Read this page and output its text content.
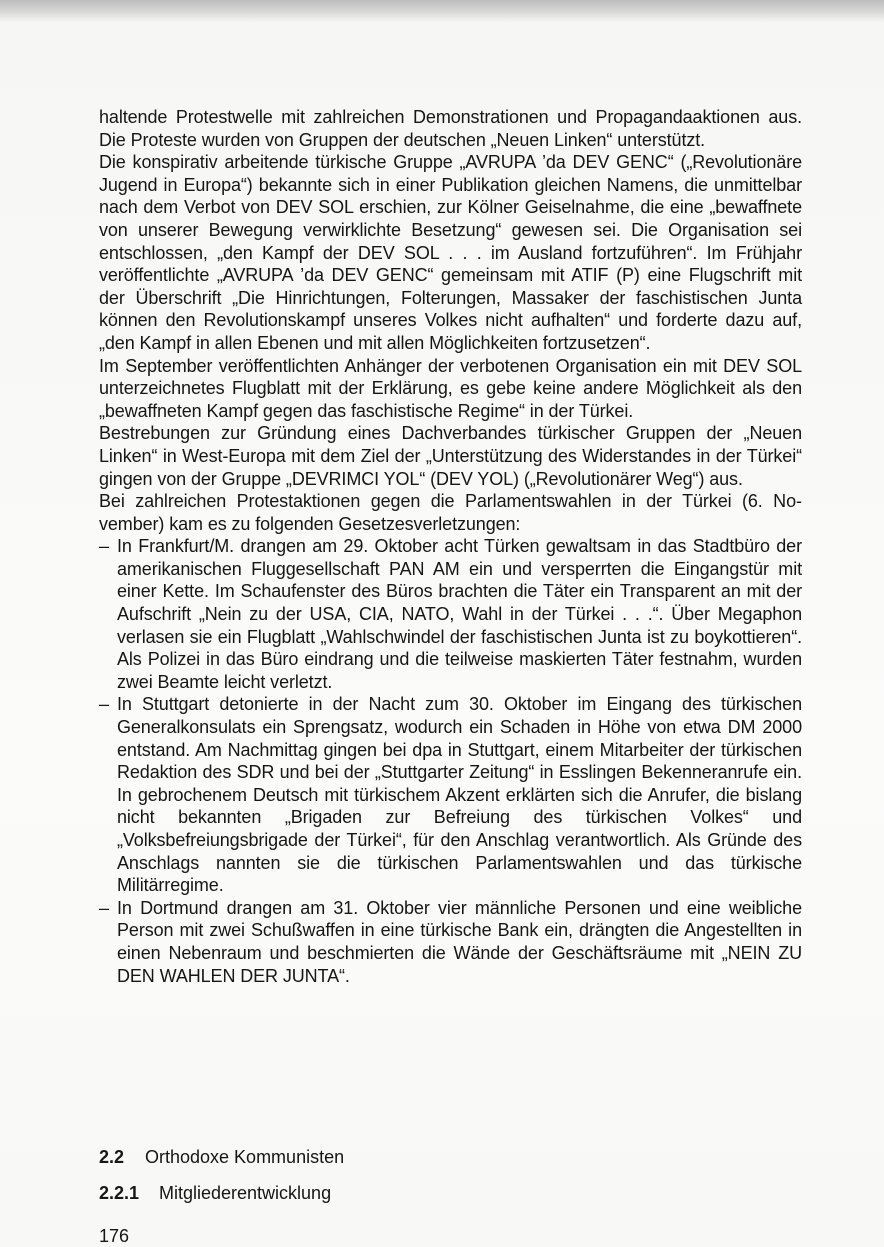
haltende Protestwelle mit zahlreichen Demonstrationen und Propagandaaktionen aus. Die Proteste wurden von Gruppen der deutschen „Neuen Linken“ unterstützt.

Die konspirativ arbeitende türkische Gruppe „AVRUPA ’da DEV GENC“ („Revolutionäre Jugend in Europa“) bekannte sich in einer Publikation gleichen Namens, die unmittelbar nach dem Verbot von DEV SOL erschien, zur Kölner Geiselnahme, die eine „bewaffnete von unserer Bewegung verwirklichte Besetzung“ gewesen sei. Die Organisation sei entschlossen, „den Kampf der DEV SOL . . . im Ausland fortzuführen“. Im Frühjahr veröffentlichte „AVRUPA ’da DEV GENC“ gemeinsam mit ATIF (P) eine Flugschrift mit der Überschrift „Die Hinrichtungen, Folterungen, Massaker der faschistischen Junta können den Revolutionskampf unseres Volkes nicht aufhalten“ und forderte dazu auf, „den Kampf in allen Ebenen und mit allen Möglichkeiten fortzusetzen“.

Im September veröffentlichten Anhänger der verbotenen Organisation ein mit DEV SOL unterzeichnetes Flugblatt mit der Erklärung, es gebe keine andere Möglichkeit als den „bewaffneten Kampf gegen das faschistische Regime“ in der Türkei.

Bestrebungen zur Gründung eines Dachverbandes türkischer Gruppen der „Neuen Linken“ in West-Europa mit dem Ziel der „Unterstützung des Widerstandes in der Türkei“ gingen von der Gruppe „DEVRIMCI YOL“ (DEV YOL) („Revolutionärer Weg“) aus.

Bei zahlreichen Protestaktionen gegen die Parlamentswahlen in der Türkei (6. November) kam es zu folgenden Gesetzesverletzungen:

– In Frankfurt/M. drangen am 29. Oktober acht Türken gewaltsam in das Stadtbüro der amerikanischen Fluggesellschaft PAN AM ein und versperrten die Eingangstür mit einer Kette. Im Schaufenster des Büros brachten die Täter ein Transparent an mit der Aufschrift „Nein zu der USA, CIA, NATO, Wahl in der Türkei . . .“. Über Megaphon verlasen sie ein Flugblatt „Wahlschwindel der faschistischen Junta ist zu boykottieren“. Als Polizei in das Büro eindrang und die teilweise maskierten Täter festnahm, wurden zwei Beamte leicht verletzt.
– In Stuttgart detonierte in der Nacht zum 30. Oktober im Eingang des türkischen Generalkonsulats ein Sprengsatz, wodurch ein Schaden in Höhe von etwa DM 2000 entstand. Am Nachmittag gingen bei dpa in Stuttgart, einem Mitarbeiter der türkischen Redaktion des SDR und bei der „Stuttgarter Zeitung“ in Esslingen Bekenneranrufe ein. In gebrochenem Deutsch mit türkischem Akzent erklärten sich die Anrufer, die bislang nicht bekannten „Brigaden zur Befreiung des türkischen Volkes“ und „Volksbefreiungsbrigade der Türkei“, für den Anschlag verantwortlich. Als Gründe des Anschlags nannten sie die türkischen Parlamentswahlen und das türkische Militärregime.
– In Dortmund drangen am 31. Oktober vier männliche Personen und eine weibliche Person mit zwei Schußwaffen in eine türkische Bank ein, drängten die Angestellten in einen Nebenraum und beschmierten die Wände der Geschäftsräume mit „NEIN ZU DEN WAHLEN DER JUNTA“.
2.2 Orthodoxe Kommunisten
2.2.1 Mitgliederentwicklung
176
